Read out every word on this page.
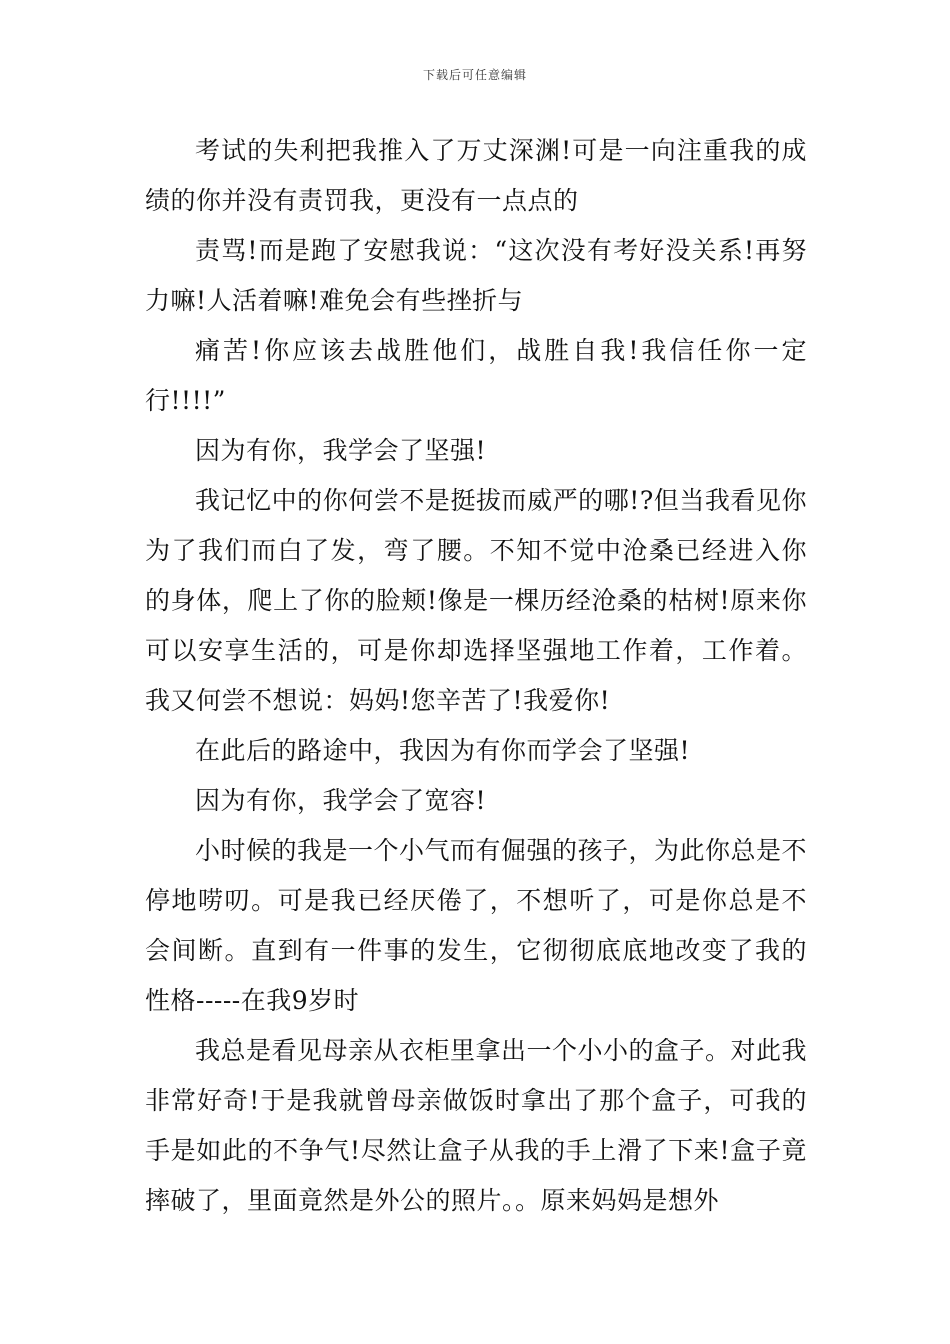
下载后可任意编辑

考试的失利把我推入了万丈深渊!可是一向注重我的成绩的你并没有责罚我，更没有一点点的

责骂!而是跑了安慰我说：“这次没有考好没关系!再努力嘛!人活着嘛!难免会有些挫折与

痛苦!你应该去战胜他们，战胜自我!我信任你一定行!!!!”

因为有你，我学会了坚强!

我记忆中的你何尝不是挺拔而威严的哪!?但当我看见你为了我们而白了发，弯了腰。不知不觉中沧桑已经进入你的身体，爬上了你的脸颊!像是一棵历经沧桑的枯树!原来你可以安享生活的，可是你却选择坚强地工作着，工作着。我又何尝不想说：妈妈!您辛苦了!我爱你!

在此后的路途中，我因为有你而学会了坚强!

因为有你，我学会了宽容!

小时候的我是一个小气而有倔强的孩子，为此你总是不停地唠叨。可是我已经厌倦了，不想听了，可是你总是不会间断。直到有一件事的发生，它彻彻底底地改变了我的性格-----在我9岁时

我总是看见母亲从衣柜里拿出一个小小的盒子。对此我非常好奇!于是我就曾母亲做饭时拿出了那个盒子，可我的手是如此的不争气!尽然让盒子从我的手上滑了下来!盒子竟摔破了，里面竟然是外公的照片。。原来妈妈是想外
